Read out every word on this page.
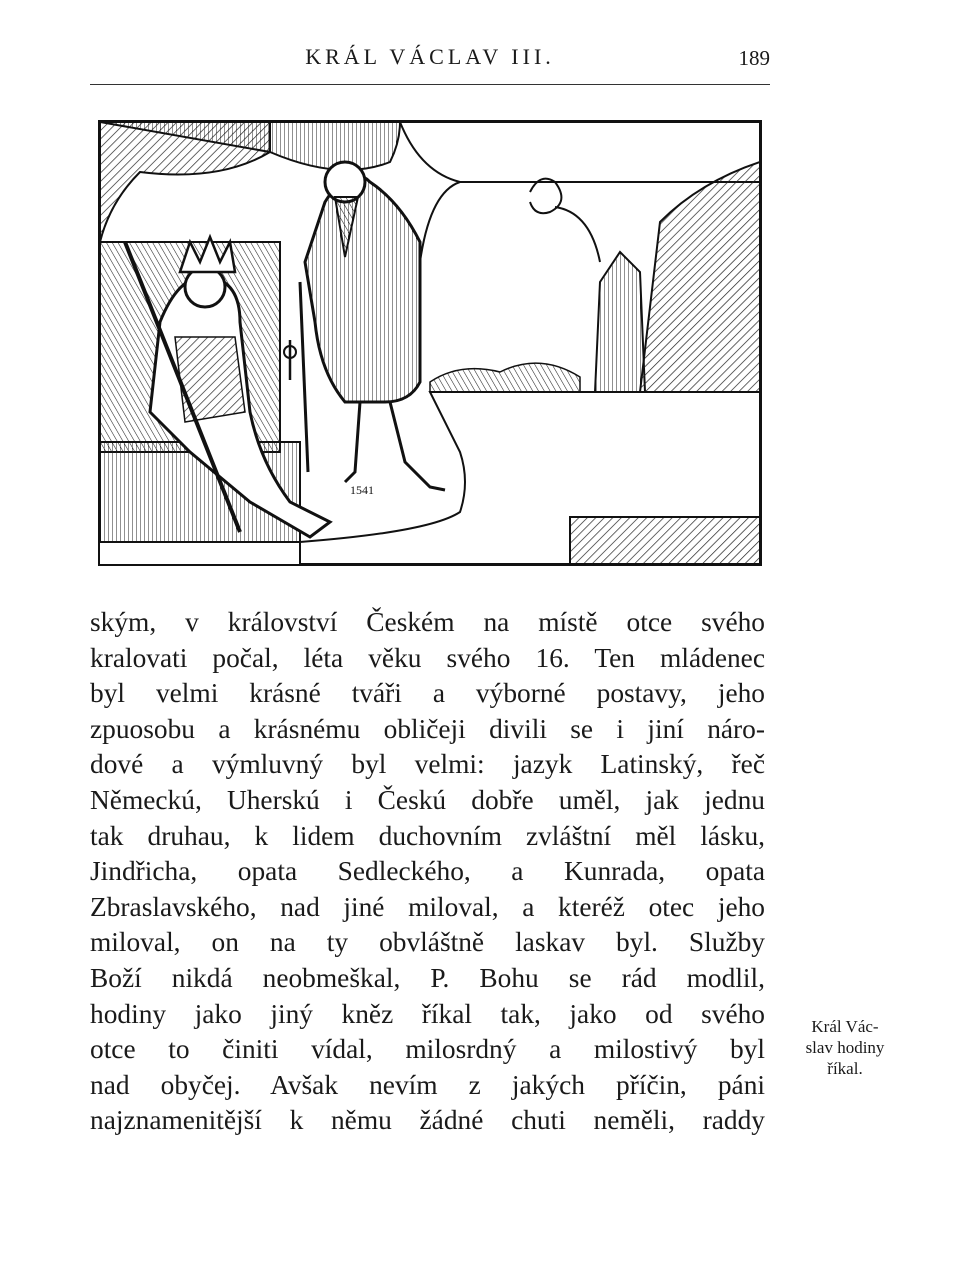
KRÁL VÁCLAV III.	189
1541
ským, v království Českém na místě otce svého
kralovati počal, léta věku svého 16. Ten mládenec
byl velmi krásné tváři a výborné postavy, jeho
zpuosobu a krásnému obličeji divili se i jiní náro-
dové a výmluvný byl velmi: jazyk Latinský, řeč
Německú, Uherskú i Českú dobře uměl, jak jednu
tak druhau, k lidem duchovním zvláštní měl lásku,
Jindřicha, opata Sedleckého, a Kunrada, opata
Zbraslavského, nad jiné miloval, a kteréž otec jeho
miloval, on na ty obvláštně laskav byl. Služby
Boží nikdá neobmeškal, P. Bohu se rád modlil,
hodiny jako jiný kněz říkal tak, jako od svého
otce to činiti vídal, milosrdný a milostivý byl
nad obyčej. Avšak nevím z jakých příčin, páni
najznamenitější k němu žádné chuti neměli, raddy
Král Vác-
slav hodiny
říkal.
